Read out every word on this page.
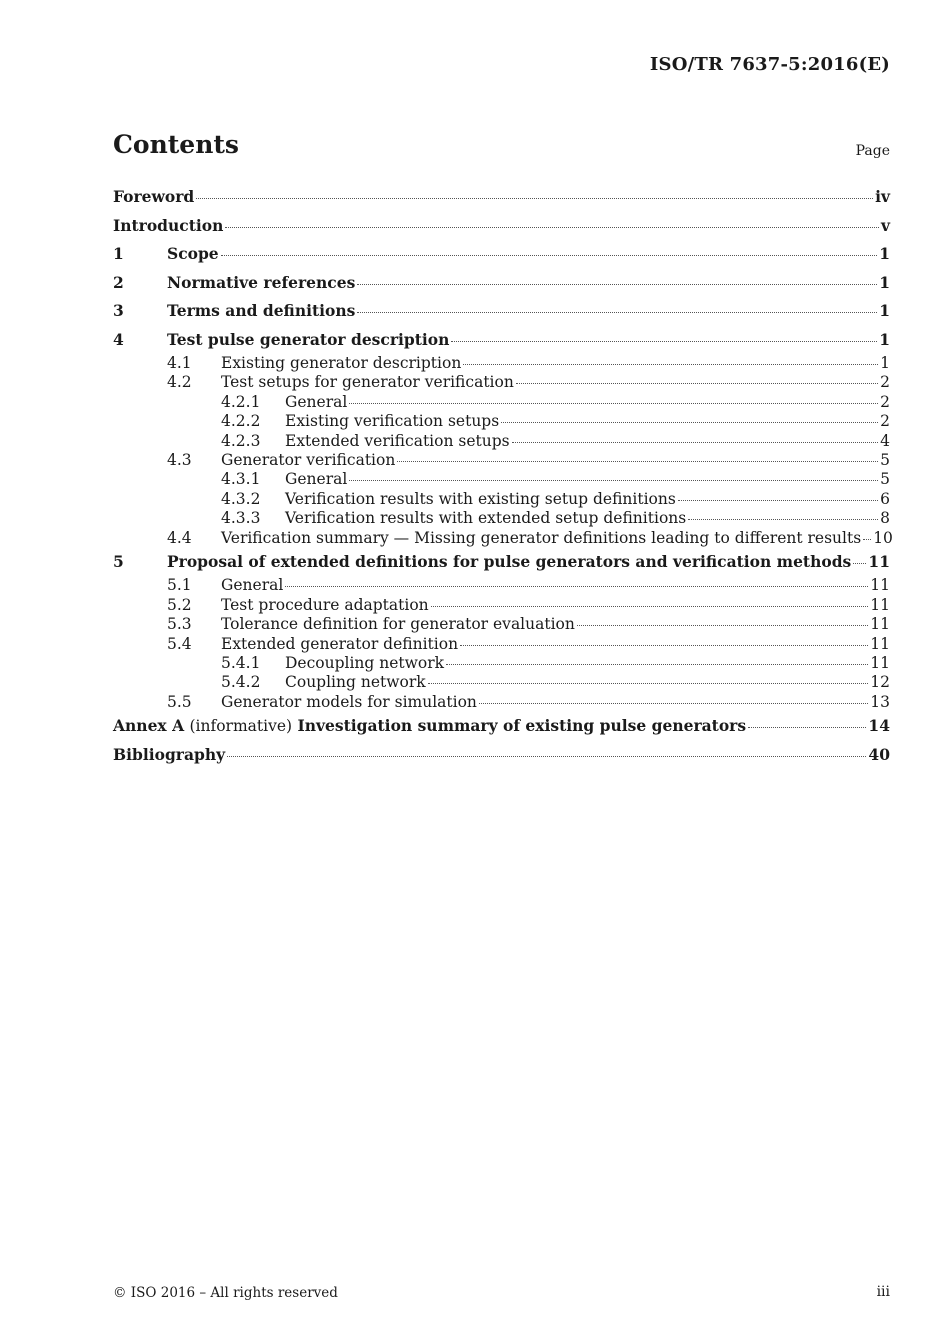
ISO/TR 7637-5:2016(E)
Contents	Page
Foreword	iv
Introduction	v
1	Scope	1
2	Normative references	1
3	Terms and definitions	1
4	Test pulse generator description	1
4.1	Existing generator description	1
4.2	Test setups for generator verification	2
4.2.1	General	2
4.2.2	Existing verification setups	2
4.2.3	Extended verification setups	4
4.3	Generator verification	5
4.3.1	General	5
4.3.2	Verification results with existing setup definitions	6
4.3.3	Verification results with extended setup definitions	8
4.4	Verification summary — Missing generator definitions leading to different results 10
5	Proposal of extended definitions for pulse generators and verification methods 11
5.1	General	11
5.2	Test procedure adaptation	11
5.3	Tolerance definition for generator evaluation	11
5.4	Extended generator definition	11
5.4.1	Decoupling network	11
5.4.2	Coupling network	12
5.5	Generator models for simulation	13
Annex A (informative) Investigation summary of existing pulse generators	14
Bibliography	40
© ISO 2016 – All rights reserved	iii
